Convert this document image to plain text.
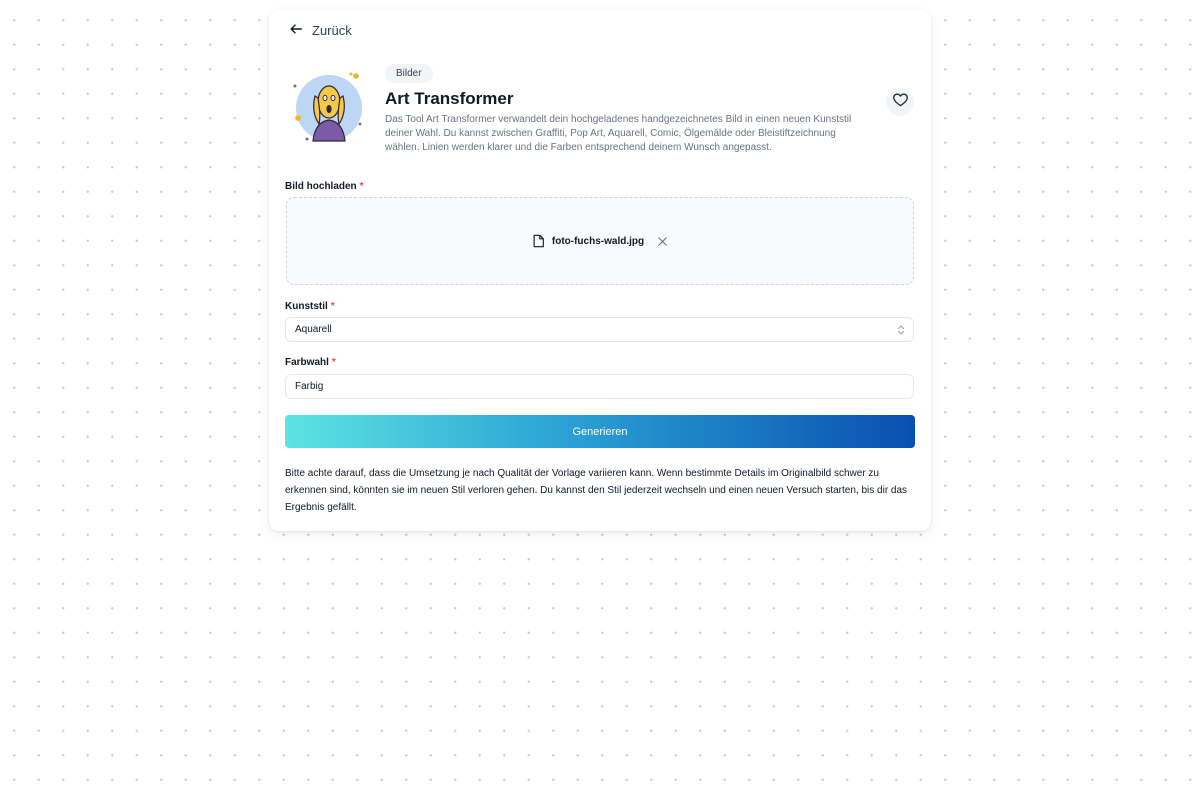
Zurück
Bilder
Art Transformer

Das Tool Art Transformer verwandelt dein hochgeladenes handgezeichnetes Bild in einen neuen Kunststil deiner Wahl. Du kannst zwischen Graffiti, Pop Art, Aquarell, Comic, Ölgemälde oder Bleistiftzeichnung wählen. Linien werden klarer und die Farben entsprechend deinem Wunsch angepasst.

Bild hochladen *
foto-fuchs-wald.jpg
Kunststil *
Aquarell
Farbwahl *
Farbig
Generieren

Bitte achte darauf, dass die Umsetzung je nach Qualität der Vorlage variieren kann. Wenn bestimmte Details im Originalbild schwer zu erkennen sind, könnten sie im neuen Stil verloren gehen. Du kannst den Stil jederzeit wechseln und einen neuen Versuch starten, bis dir das Ergebnis gefällt.
